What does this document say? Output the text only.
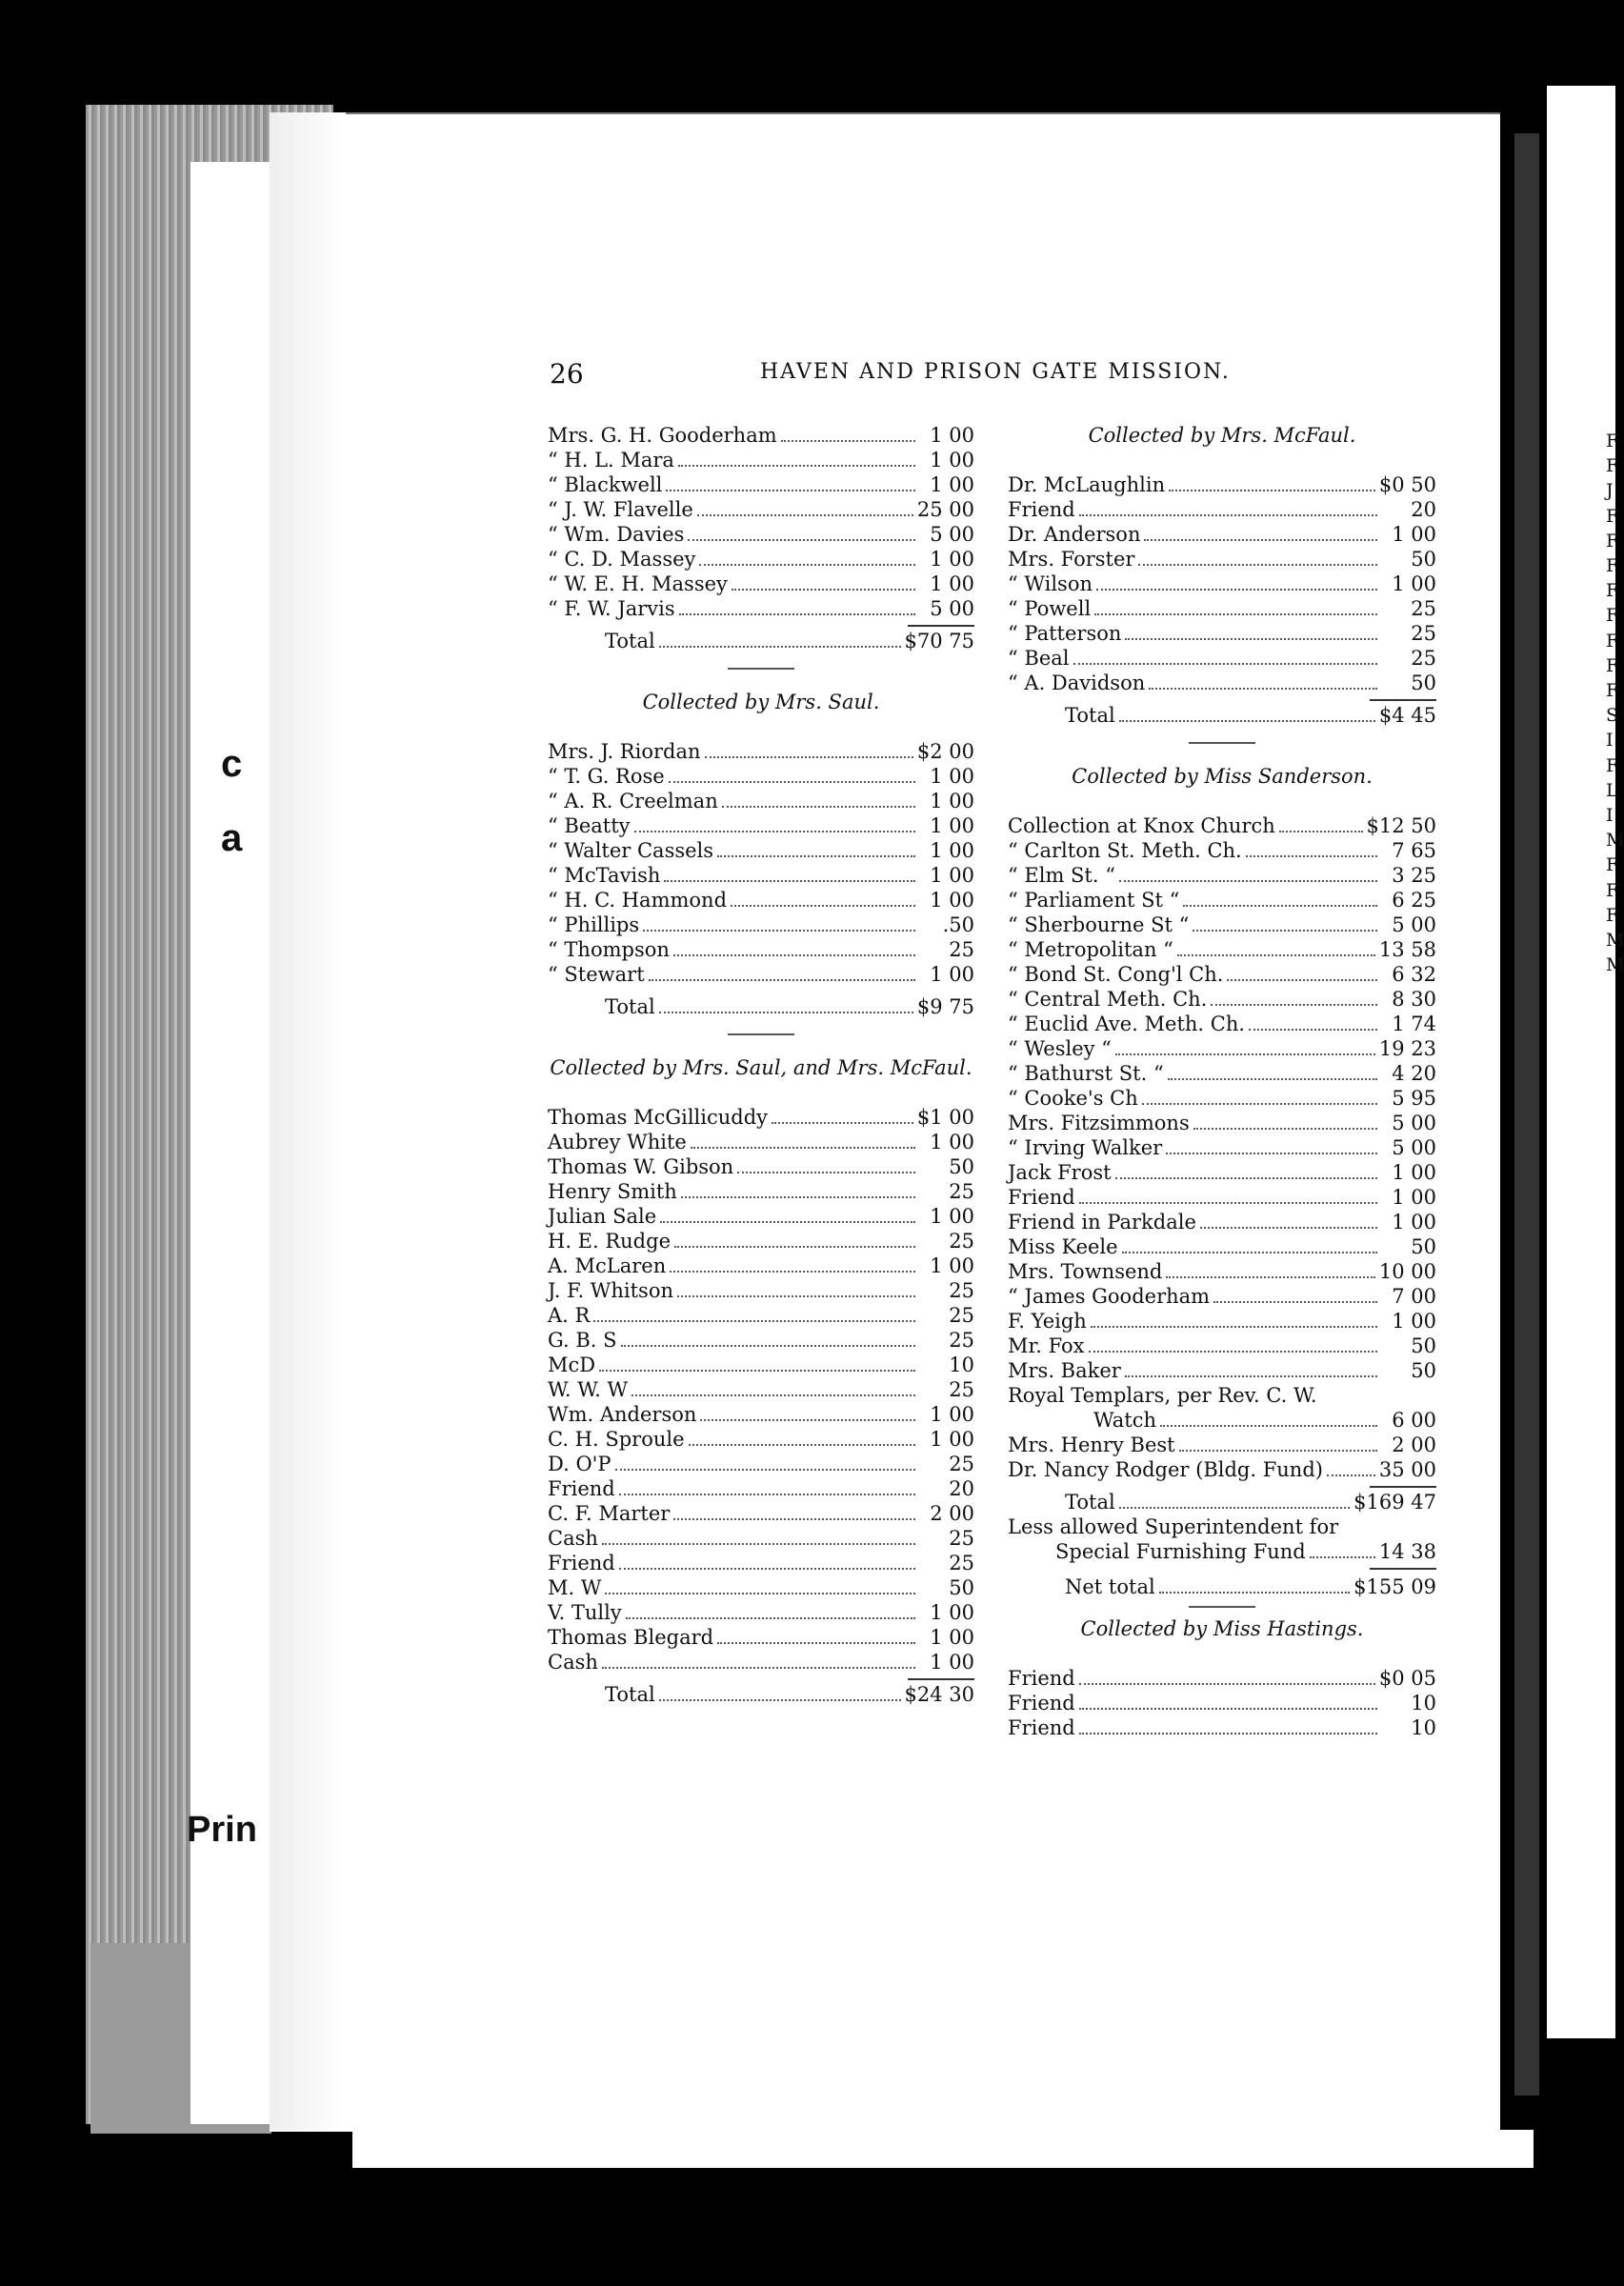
c
a
Prin
F
F
J
F
F
F
F
F
F
F
F
S
I
F
L
I
M
F
F
F
M
M
26	HAVEN AND PRISON GATE MISSION.
Mrs. G. H. Gooderham	1 00
“ H. L. Mara	1 00
“ Blackwell	1 00
“ J. W. Flavelle	25 00
“ Wm. Davies	5 00
“ C. D. Massey	1 00
“ W. E. H. Massey	1 00
“ F. W. Jarvis	5 00
Total	$70 75
Collected by Mrs. Saul.
Mrs. J. Riordan	$2 00
“ T. G. Rose	1 00
“ A. R. Creelman	1 00
“ Beatty	1 00
“ Walter Cassels	1 00
“ McTavish	1 00
“ H. C. Hammond	1 00
“ Phillips	.50
“ Thompson	25
“ Stewart	1 00
Total	$9 75
Collected by Mrs. Saul, and Mrs. McFaul.
Thomas McGillicuddy	$1 00
Aubrey White	1 00
Thomas W. Gibson	50
Henry Smith	25
Julian Sale	1 00
H. E. Rudge	25
A. McLaren	1 00
J. F. Whitson	25
A. R	25
G. B. S	25
McD	10
W. W. W	25
Wm. Anderson	1 00
C. H. Sproule	1 00
D. O'P	25
Friend	20
C. F. Marter	2 00
Cash	25
Friend	25
M. W	50
V. Tully	1 00
Thomas Blegard	1 00
Cash	1 00
Total	$24 30
Collected by Mrs. McFaul.
Dr. McLaughlin	$0 50
Friend	20
Dr. Anderson	1 00
Mrs. Forster	50
“ Wilson	1 00
“ Powell	25
“ Patterson	25
“ Beal	25
“ A. Davidson	50
Total	$4 45
Collected by Miss Sanderson.
Collection at Knox Church	$12 50
“ Carlton St. Meth. Ch.	7 65
“ Elm St. “	3 25
“ Parliament St “	6 25
“ Sherbourne St “	5 00
“ Metropolitan “	13 58
“ Bond St. Cong'l Ch.	6 32
“ Central Meth. Ch.	8 30
“ Euclid Ave. Meth. Ch.	1 74
“ Wesley “	19 23
“ Bathurst St. “	4 20
“ Cooke's Ch	5 95
Mrs. Fitzsimmons	5 00
“ Irving Walker	5 00
Jack Frost	1 00
Friend	1 00
Friend in Parkdale	1 00
Miss Keele	50
Mrs. Townsend	10 00
“ James Gooderham	7 00
F. Yeigh	1 00
Mr. Fox	50
Mrs. Baker	50
Royal Templars, per Rev. C. W.
Watch	6 00
Mrs. Henry Best	2 00
Dr. Nancy Rodger (Bldg. Fund)	35 00
Total	$169 47
Less allowed Superintendent for
Special Furnishing Fund	14 38
Net total	$155 09
Collected by Miss Hastings.
Friend	$0 05
Friend	10
Friend	10
